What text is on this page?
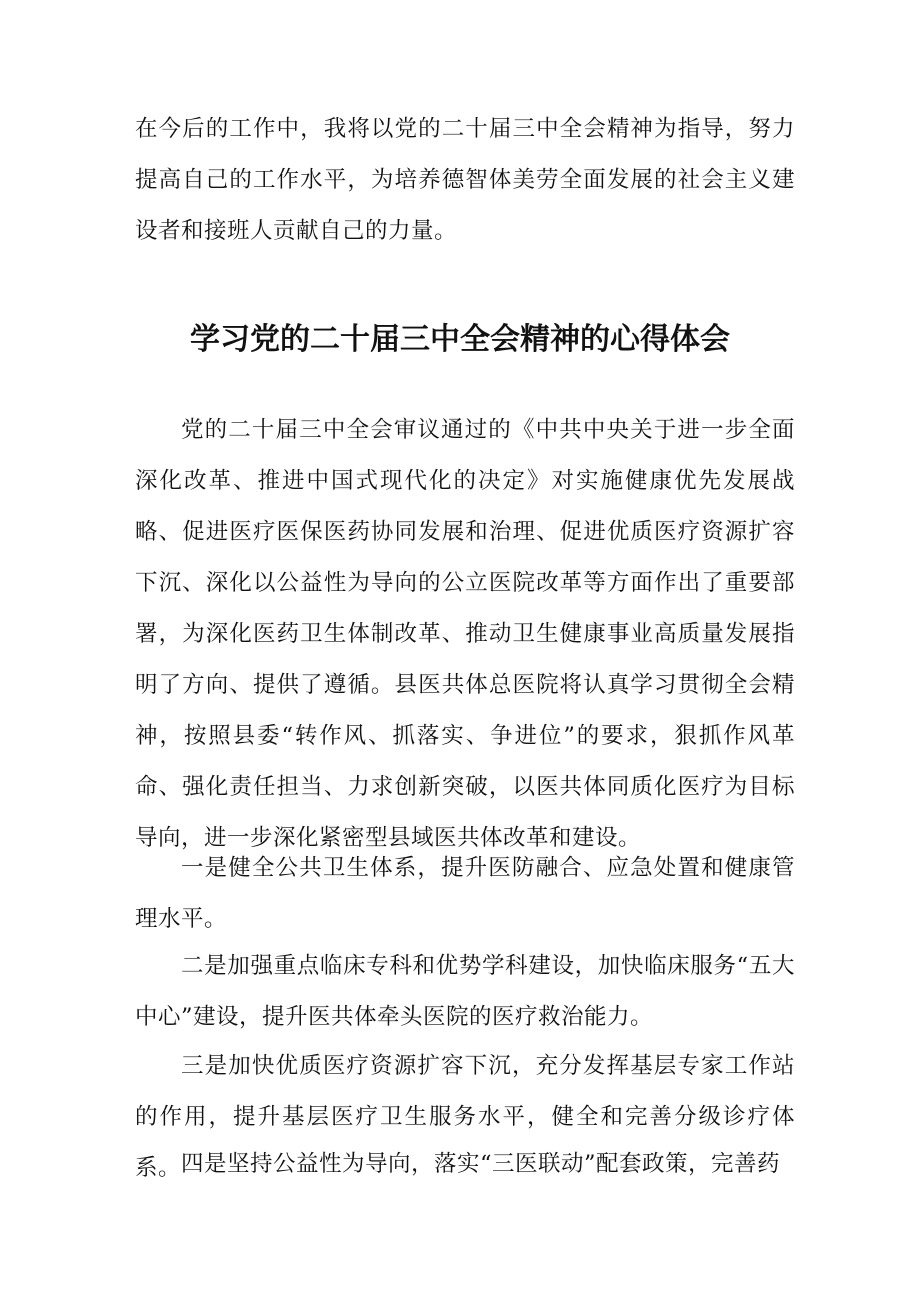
在今后的工作中，我将以党的二十届三中全会精神为指导，努力提高自己的工作水平，为培养德智体美劳全面发展的社会主义建设者和接班人贡献自己的力量。

学习党的二十届三中全会精神的心得体会

党的二十届三中全会审议通过的《中共中央关于进一步全面深化改革、推进中国式现代化的决定》对实施健康优先发展战略、促进医疗医保医药协同发展和治理、促进优质医疗资源扩容下沉、深化以公益性为导向的公立医院改革等方面作出了重要部署，为深化医药卫生体制改革、推动卫生健康事业高质量发展指明了方向、提供了遵循。县医共体总医院将认真学习贯彻全会精神，按照县委“转作风、抓落实、争进位”的要求，狠抓作风革命、强化责任担当、力求创新突破，以医共体同质化医疗为目标导向，进一步深化紧密型县域医共体改革和建设。

一是健全公共卫生体系，提升医防融合、应急处置和健康管理水平。

二是加强重点临床专科和优势学科建设，加快临床服务“五大中心”建设，提升医共体牵头医院的医疗救治能力。

三是加快优质医疗资源扩容下沉，充分发挥基层专家工作站的作用，提升基层医疗卫生服务水平，健全和完善分级诊疗体系。 四是坚持公益性为导向，落实“三医联动”配套政策，完善药
